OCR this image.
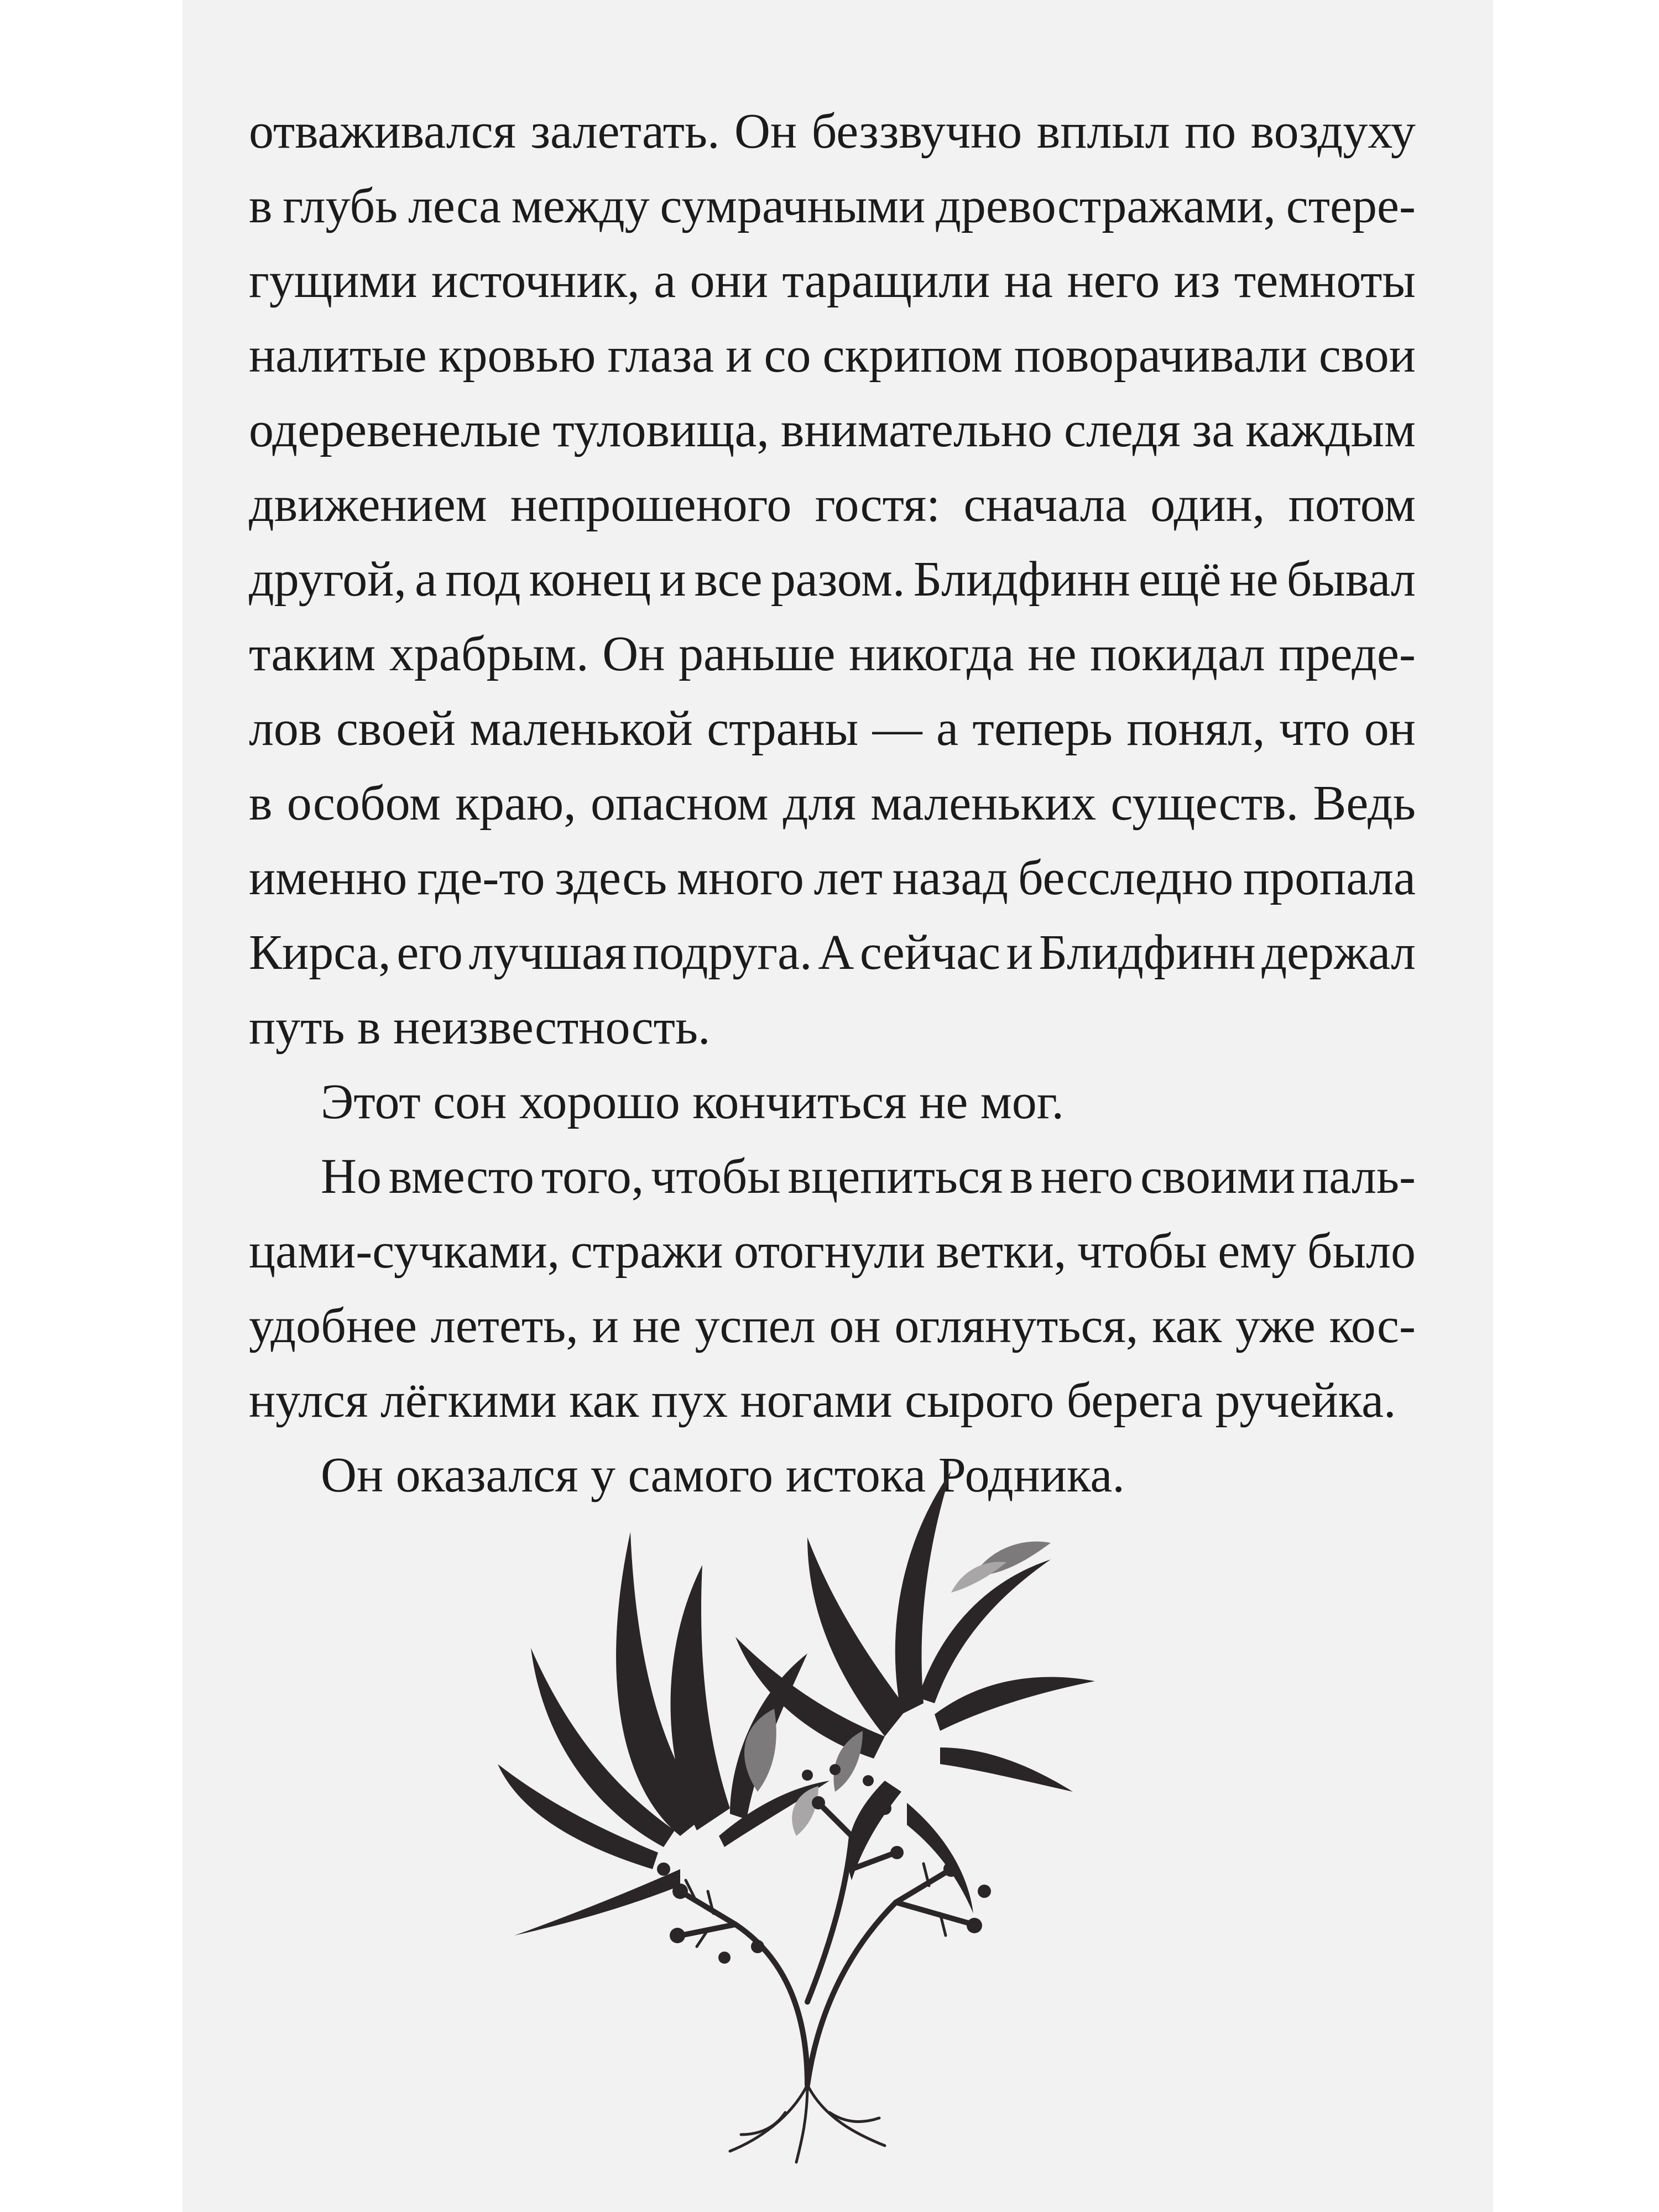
отваживался залетать. Он беззвучно вплыл по воздуху
в глубь леса между сумрачными древостражами, стере-
гущими источник, а они таращили на него из темноты
налитые кровью глаза и со скрипом поворачивали свои
одеревенелые туловища, внимательно следя за каждым
движением непрошеного гостя: сначала один, потом
другой, а под конец и все разом. Блидфинн ещё не бывал
таким храбрым. Он раньше никогда не покидал преде-
лов своей маленькой страны — а теперь понял, что он
в особом краю, опасном для маленьких существ. Ведь
именно где-то здесь много лет назад бесследно пропала
Кирса, его лучшая подруга. А сейчас и Блидфинн держал
путь в неизвестность.
Этот сон хорошо кончиться не мог.
Но вместо того, чтобы вцепиться в него своими паль-
цами-сучками, стражи отогнули ветки, чтобы ему было
удобнее лететь, и не успел он оглянуться, как уже кос-
нулся лёгкими как пух ногами сырого берега ручейка.
Он оказался у самого истока Родника.
